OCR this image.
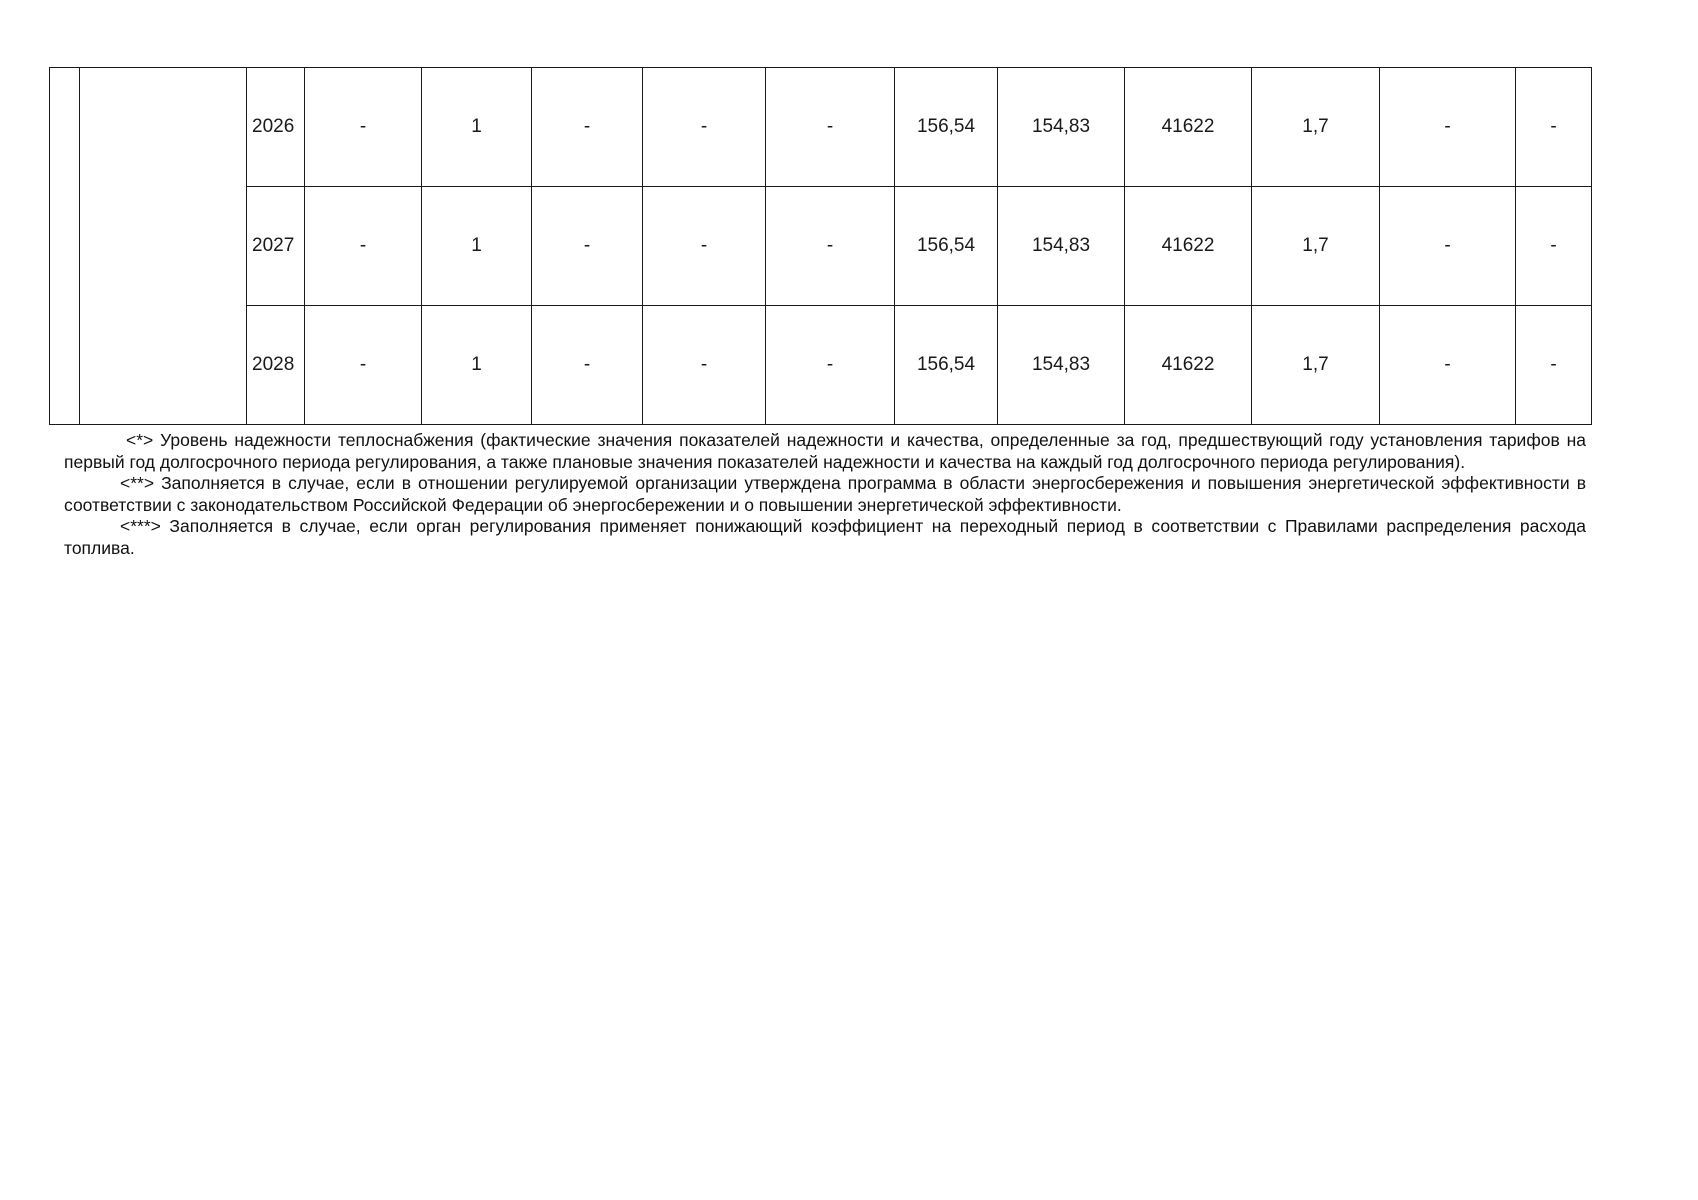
		2026	-	1	-	-	-	156,54	154,83	41622	1,7	-	-
		2027	-	1	-	-	-	156,54	154,83	41622	1,7	-	-
		2028	-	1	-	-	-	156,54	154,83	41622	1,7	-	-

<*> Уровень надежности теплоснабжения (фактические значения показателей надежности и качества, определенные за год, предшествующий году установления тарифов на первый год долгосрочного периода регулирования, а также плановые значения показателей надежности и качества на каждый год долгосрочного периода регулирования).

<**> Заполняется в случае, если в отношении регулируемой организации утверждена программа в области энергосбережения и повышения энергетической эффективности в соответствии с законодательством Российской Федерации об энергосбережении и о повышении энергетической эффективности.

<***> Заполняется в случае, если орган регулирования применяет понижающий коэффициент на переходный период в соответствии с Правилами распределения расхода топлива.
